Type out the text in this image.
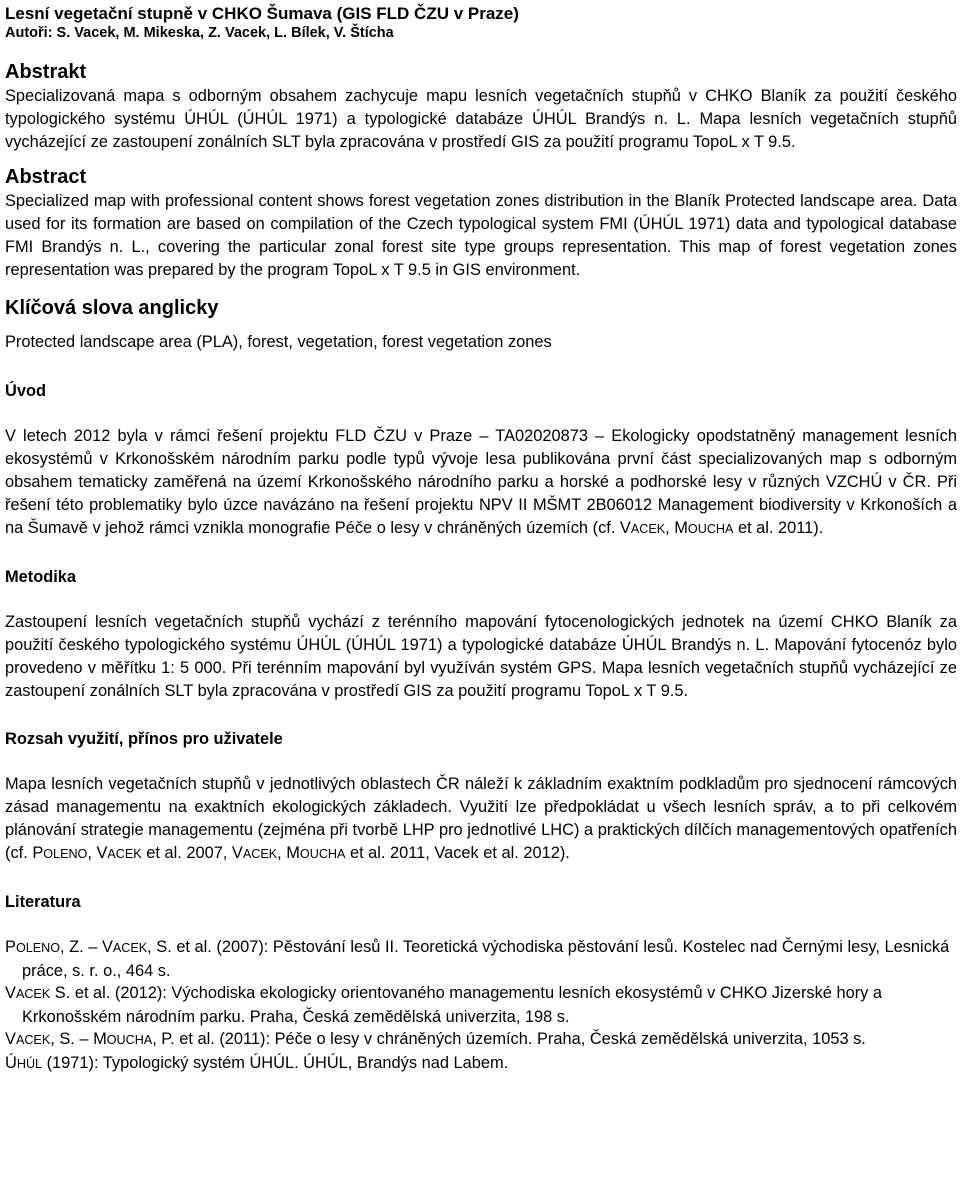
Lesní vegetační stupně v CHKO Šumava (GIS FLD ČZU v Praze)

Autoři: S. Vacek, M. Mikeska, Z. Vacek, L. Bílek, V. Štícha

Abstrakt

Specializovaná mapa s odborným obsahem zachycuje mapu lesních vegetačních stupňů v CHKO Blaník za použití českého typologického systému ÚHÚL (ÚHÚL 1971) a typologické databáze ÚHÚL Brandýs n. L. Mapa lesních vegetačních stupňů vycházející ze zastoupení zonálních SLT byla zpracována v prostředí GIS za použití programu TopoL x T 9.5.

Abstract

Specialized map with professional content shows forest vegetation zones distribution in the Blaník Protected landscape area. Data used for its formation are based on compilation of the Czech typological system FMI (ÚHÚL 1971) data and typological database FMI Brandýs n. L., covering the particular zonal forest site type groups representation. This map of forest vegetation zones representation was prepared by the program TopoL x T 9.5 in GIS environment.

Klíčová slova anglicky

Protected landscape area (PLA), forest, vegetation, forest vegetation zones

Úvod

V letech 2012 byla v rámci řešení projektu FLD ČZU v Praze – TA02020873 – Ekologicky opodstatněný management lesních ekosystémů v Krkonošském národním parku podle typů vývoje lesa publikována první část specializovaných map s odborným obsahem tematicky zaměřená na území Krkonošského národního parku a horské a podhorské lesy v různých VZCHÚ v ČR. Při řešení této problematiky bylo úzce navázáno na řešení projektu NPV II MŠMT 2B06012 Management biodiversity v Krkonoších a na Šumavě v jehož rámci vznikla monografie Péče o lesy v chráněných územích (cf. VACEK, MOUCHA et al. 2011).

Metodika

Zastoupení lesních vegetačních stupňů vychází z terénního mapování fytocenologických jednotek na území CHKO Blaník za použití českého typologického systému ÚHÚL (ÚHÚL 1971) a typologické databáze ÚHÚL Brandýs n. L. Mapování fytocenóz bylo provedeno v měřítku 1: 5 000. Při terénním mapování byl využíván systém GPS. Mapa lesních vegetačních stupňů vycházející ze zastoupení zonálních SLT byla zpracována v prostředí GIS za použití programu TopoL x T 9.5.

Rozsah využití, přínos pro uživatele

Mapa lesních vegetačních stupňů v jednotlivých oblastech ČR náleží k základním exaktním podkladům pro sjednocení rámcových zásad managementu na exaktních ekologických základech. Využití lze předpokládat u všech lesních správ, a to při celkovém plánování strategie managementu (zejména při tvorbě LHP pro jednotlivé LHC) a praktických dílčích managementových opatřeních (cf. POLENO, VACEK et al. 2007, VACEK, MOUCHA et al. 2011, Vacek et al. 2012).

Literatura

POLENO, Z. – VACEK, S. et al. (2007): Pěstování lesů II. Teoretická východiska pěstování lesů. Kostelec nad Černými lesy, Lesnická práce, s. r. o., 464 s.

VACEK S. et al. (2012): Východiska ekologicky orientovaného managementu lesních ekosystémů v CHKO Jizerské hory a Krkonošském národním parku. Praha, Česká zemědělská univerzita, 198 s.

VACEK, S. – MOUCHA, P. et al. (2011): Péče o lesy v chráněných územích. Praha, Česká zemědělská univerzita, 1053 s.

ÚHÚL (1971): Typologický systém ÚHÚL. ÚHÚL, Brandýs nad Labem.
